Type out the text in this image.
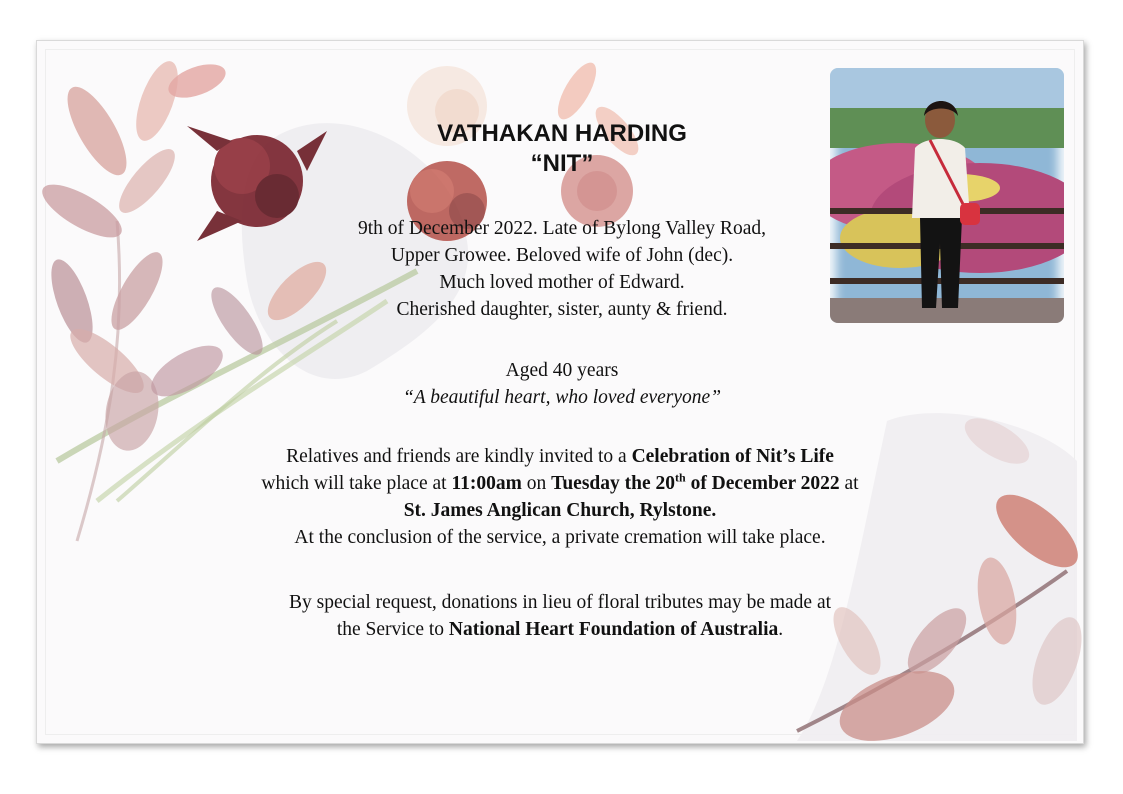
VATHAKAN HARDING
“NIT”
9th of December 2022. Late of Bylong Valley Road,
Upper Growee. Beloved wife of John (dec).
Much loved mother of Edward.
Cherished daughter, sister, aunty & friend.
Aged 40 years
“A beautiful heart, who loved everyone”
Relatives and friends are kindly invited to a Celebration of Nit’s Life
which will take place at 11:00am on Tuesday the 20th of December 2022 at
St. James Anglican Church, Rylstone.
At the conclusion of the service, a private cremation will take place.
By special request, donations in lieu of floral tributes may be made at
the Service to National Heart Foundation of Australia.
